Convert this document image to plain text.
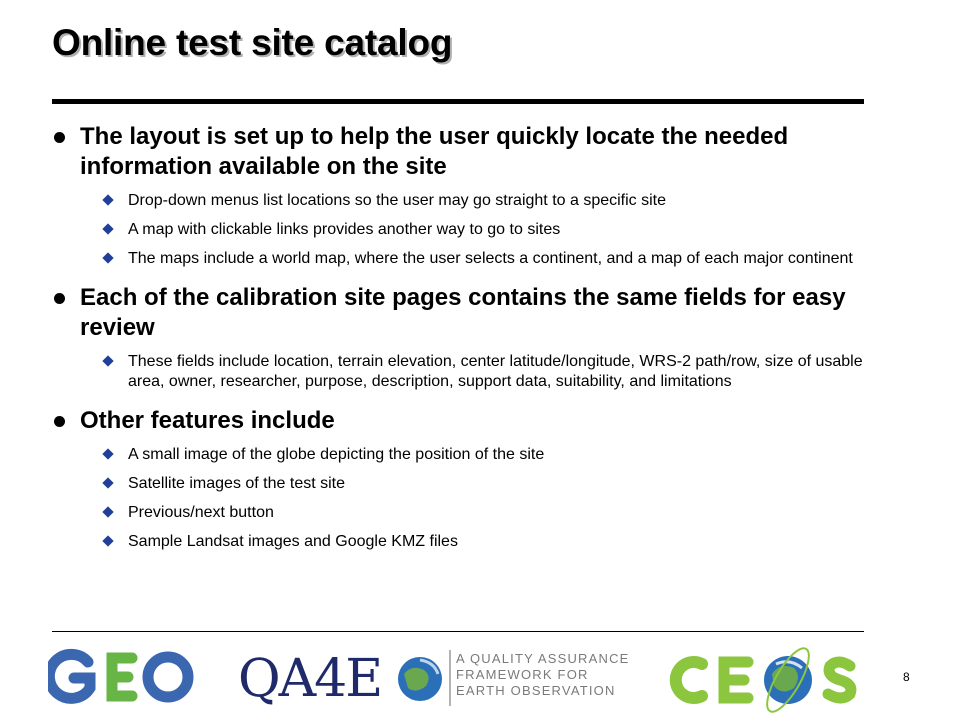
Online test site catalog
The layout is set up to help the user quickly locate the needed information available on the site
Drop-down menus list locations so the user may go straight to a specific site
A map with clickable links provides another way to go to sites
The maps include a world map, where the user selects a continent, and a map of each major continent
Each of the calibration site pages contains the same fields for easy review
These fields include location, terrain elevation, center latitude/longitude, WRS-2 path/row, size of usable area, owner, researcher, purpose, description, support data, suitability, and limitations
Other features include
A small image of the globe depicting the position of the site
Satellite images of the test site
Previous/next button
Sample Landsat images and Google KMZ files
QA4E	A QUALITY ASSURANCE
FRAMEWORK FOR
EARTH OBSERVATION
8
